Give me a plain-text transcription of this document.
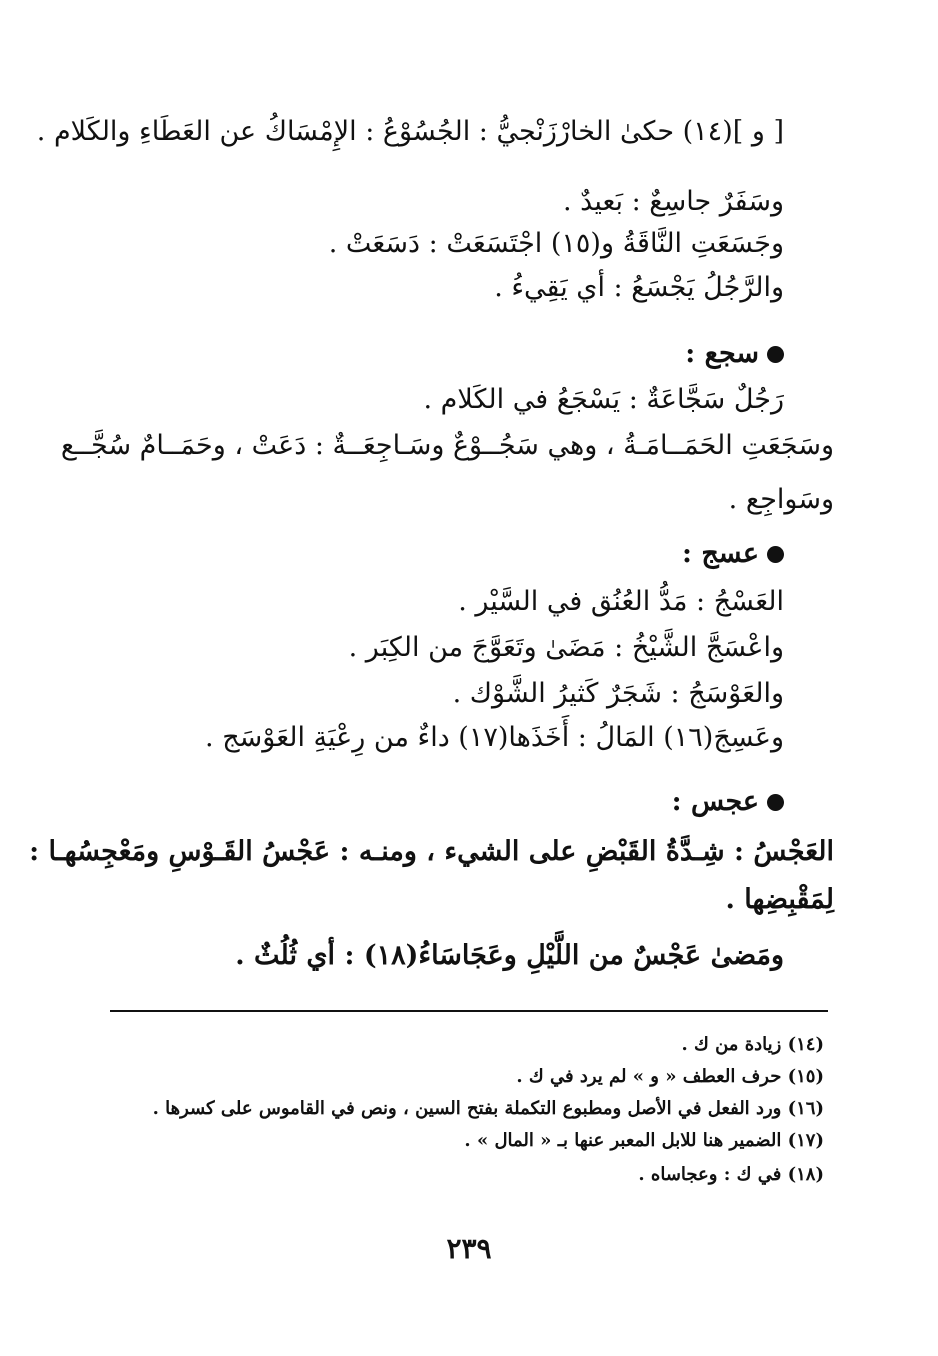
[ و ](١٤) حكىٰ الخارْزَنْجيُّ : الجُسُوْعُ : الإِمْسَاكُ عن العَطَاءِ والكَلام .
وسَفَرٌ جاسِعٌ : بَعيدٌ .
وجَسَعَتِ النَّاقَةُ و(١٥) اجْتَسَعَتْ : دَسَعَتْ .
والرَّجُلُ يَجْسَعُ : أي يَقِيءُ .
سجع :
رَجُلٌ سَجَّاعَةٌ : يَسْجَعُ في الكَلام .
وسَجَعَتِ الحَمَــامَـةُ ، وهي سَجُــوْعٌ وسَـاجِعَــةٌ : دَعَتْ ، وحَمَــامٌ سُجَّــع
وسَواجِع .
عسج :
العَسْجُ : مَدُّ العُنُق في السَّيْر .
واعْسَجَّ الشَّيْخُ : مَضَىٰ وتَعَوَّجَ من الكِبَر .
والعَوْسَجُ : شَجَرٌ كَثيرُ الشَّوْك .
وعَسِجَ(١٦) المَالُ : أَخَذَها(١٧) داءٌ من رِعْيَةِ العَوْسَج .
عجس :
العَجْسُ : شِـدَّةُ القَبْضِ على الشيء ، ومنـه : عَجْسُ القَـوْسِ ومَعْجِسُهـا :
لِمَقْبِضِها .
ومَضىٰ عَجْسٌ من اللَّيْلِ وعَجَاسَاءُ(١٨) : أي ثُلُثٌ .
(١٤) زيادة من ك .
(١٥) حرف العطف « و » لم يرد في ك .
(١٦) ورد الفعل في الأصل ومطبوع التكملة بفتح السين ، ونص في القاموس على كسرها .
(١٧) الضمير هنا للابل المعبر عنها بـ « المال » .
(١٨) في ك : وعجاساه .
٢٣٩
